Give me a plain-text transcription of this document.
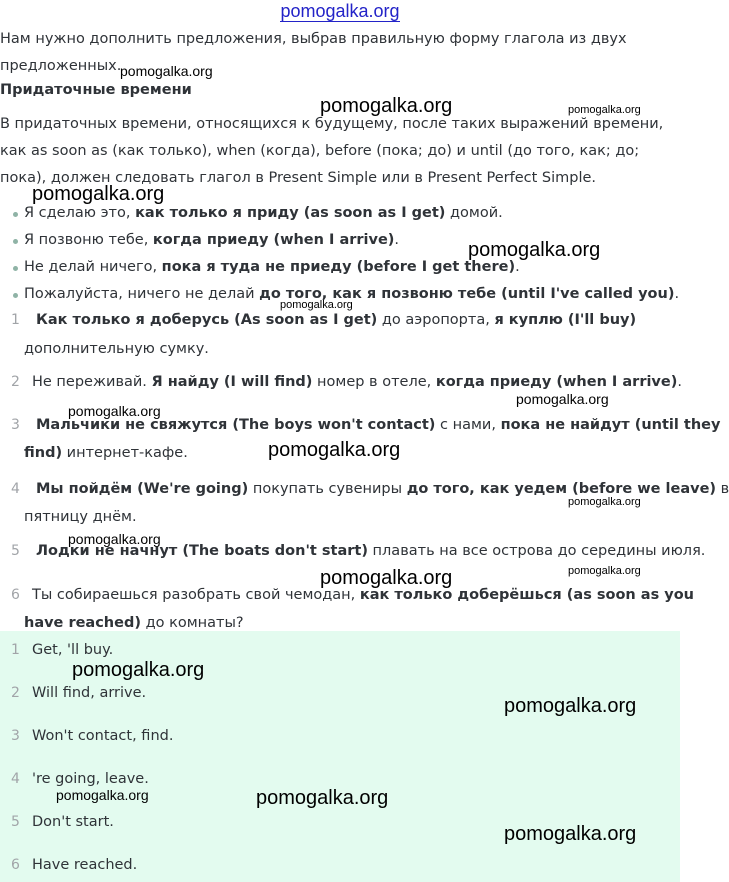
pomogalka.org

Нам нужно дополнить предложения, выбрав правильную форму глагола из двух предложенных.

Придаточные времени

В придаточных времени, относящихся к будущему, после таких выражений времени, как as soon as (как только), when (когда), before (пока; до) и until (до того, как; до; пока), должен следовать глагол в Present Simple или в Present Perfect Simple.

Я сделаю это, как только я приду (as soon as I get) домой.
Я позвоню тебе, когда приеду (when I arrive).
Не делай ничего, пока я туда не приеду (before I get there).
Пожалуйста, ничего не делай до того, как я позвоню тебе (until I've called you).
1 Как только я доберусь (As soon as I get) до аэропорта, я куплю (I'll buy)
дополнительную сумку.
2 Не переживай. Я найду (I will find) номер в отеле, когда приеду (when I arrive).
3 Мальчики не свяжутся (The boys won't contact) с нами, пока не найдут (until they
find) интернет-кафе.
4 Мы пойдём (We're going) покупать сувениры до того, как уедем (before we leave) в
пятницу днём.
5 Лодки не начнут (The boats don't start) плавать на все острова до середины июля.
6 Ты собираешься разобрать свой чемодан, как только доберёшься (as soon as you
have reached) до комнаты?
1 Get, 'll buy.
2 Will find, arrive.
3 Won't contact, find.
4 're going, leave.
5 Don't start.
6 Have reached.
pomogalka.org
pomogalka.org	pomogalka.org
pomogalka.org
pomogalka.org
pomogalka.org
pomogalka.org
pomogalka.org
pomogalka.org
pomogalka.org
pomogalka.org
pomogalka.org	pomogalka.org
pomogalka.org
pomogalka.org
pomogalka.org	pomogalka.org
pomogalka.org
